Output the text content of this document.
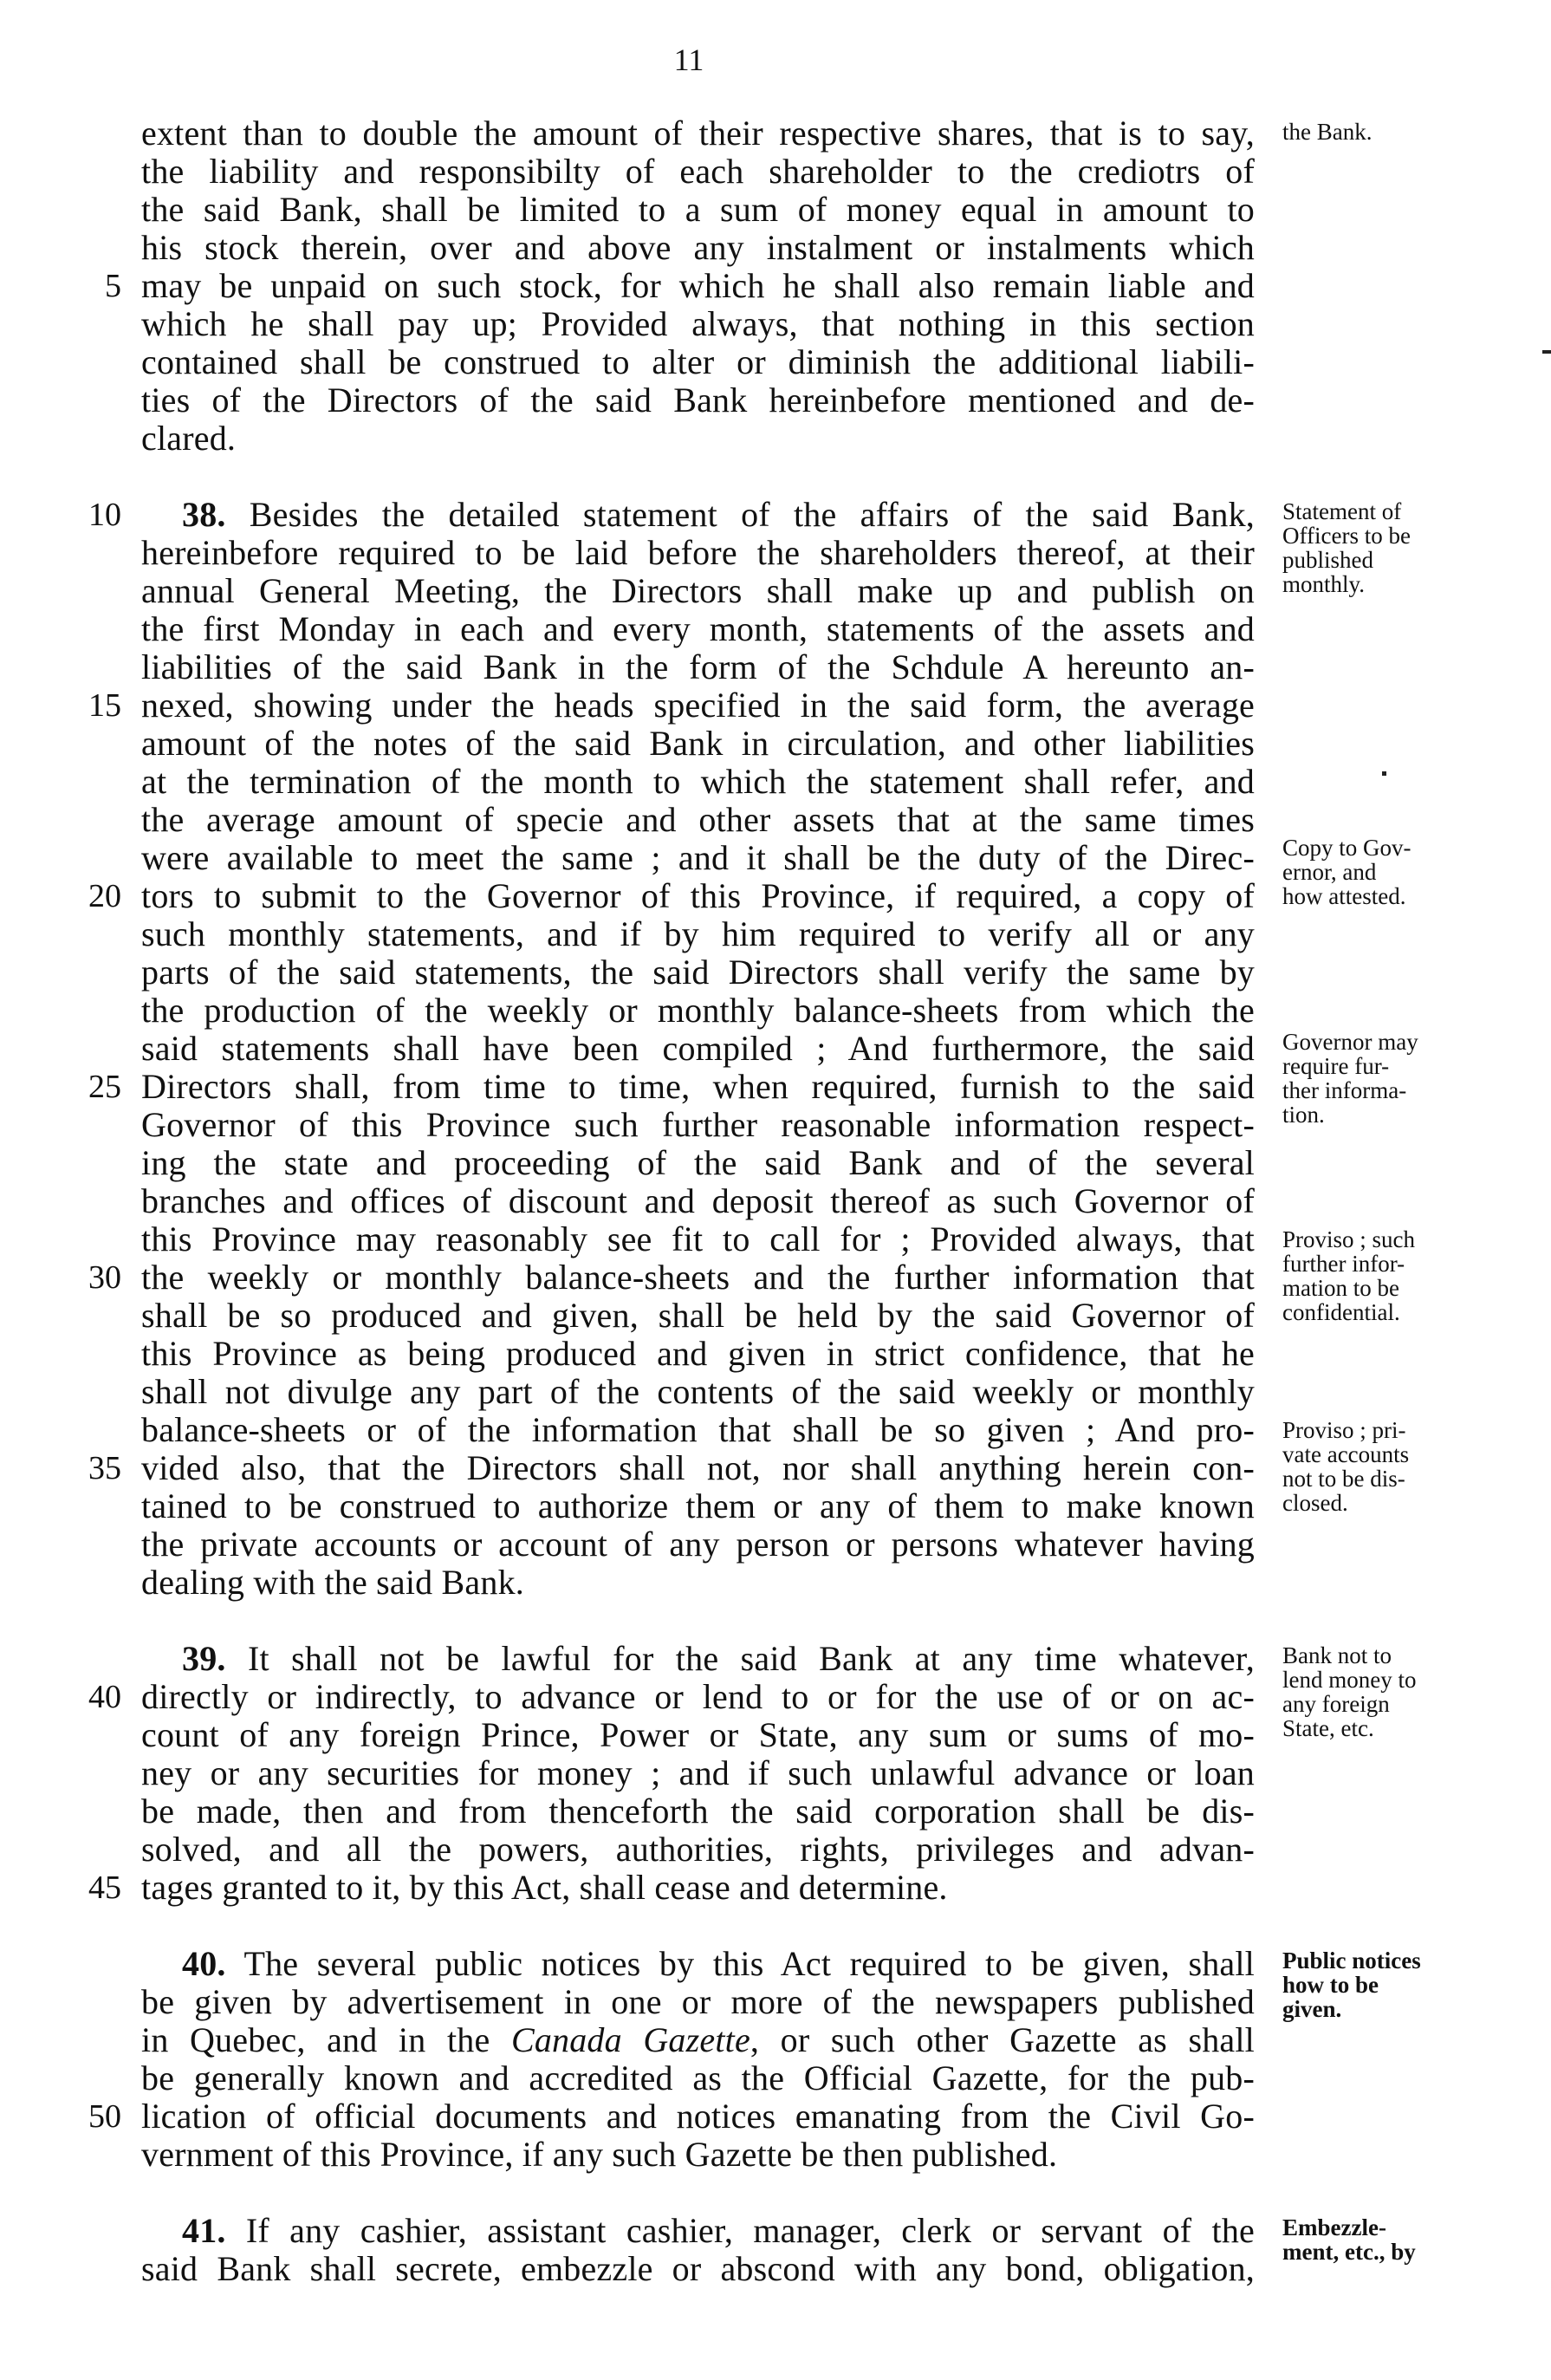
11
5
10
15
20
25
30
35
40
45
50
extent than to double the amount of their respective shares, that is to say,
the liability and responsibilty of each shareholder to the crediotrs of
the said Bank, shall be limited to a sum of money equal in amount to
his stock therein, over and above any instalment or instalments which
may be unpaid on such stock, for which he shall also remain liable and
which he shall pay up; Provided always, that nothing in this section
contained shall be construed to alter or diminish the additional liabili-
ties of the Directors of the said Bank hereinbefore mentioned and de-
clared.
the Bank.
38. Besides the detailed statement of the affairs of the said Bank,
hereinbefore required to be laid before the shareholders thereof, at their
annual General Meeting, the Directors shall make up and publish on
the first Monday in each and every month, statements of the assets and
liabilities of the said Bank in the form of the Schdule A hereunto an-
nexed, showing under the heads specified in the said form, the average
amount of the notes of the said Bank in circulation, and other liabilities
at the termination of the month to which the statement shall refer, and
the average amount of specie and other assets that at the same times
were available to meet the same ; and it shall be the duty of the Direc-
tors to submit to the Governor of this Province, if required, a copy of
such monthly statements, and if by him required to verify all or any
parts of the said statements, the said Directors shall verify the same by
the production of the weekly or monthly balance-sheets from which the
said statements shall have been compiled ; And furthermore, the said
Directors shall, from time to time, when required, furnish to the said
Governor of this Province such further reasonable information respect-
ing the state and proceeding of the said Bank and of the several
branches and offices of discount and deposit thereof as such Governor of
this Province may reasonably see fit to call for ; Provided always, that
the weekly or monthly balance-sheets and the further information that
shall be so produced and given, shall be held by the said Governor of
this Province as being produced and given in strict confidence, that he
shall not divulge any part of the contents of the said weekly or monthly
balance-sheets or of the information that shall be so given ; And pro-
vided also, that the Directors shall not, nor shall anything herein con-
tained to be construed to authorize them or any of them to make known
the private accounts or account of any person or persons whatever having
dealing with the said Bank.
Statement of
Officers to be
published
monthly.
Copy to Gov-
ernor, and
how attested.
Governor may
require fur-
ther informa-
tion.
Proviso ; such
further infor-
mation to be
confidential.
Proviso ; pri-
vate accounts
not to be dis-
closed.
39. It shall not be lawful for the said Bank at any time whatever,
directly or indirectly, to advance or lend to or for the use of or on ac-
count of any foreign Prince, Power or State, any sum or sums of mo-
ney or any securities for money ; and if such unlawful advance or loan
be made, then and from thenceforth the said corporation shall be dis-
solved, and all the powers, authorities, rights, privileges and advan-
tages granted to it, by this Act, shall cease and determine.
Bank not to
lend money to
any foreign
State, etc.
40. The several public notices by this Act required to be given, shall
be given by advertisement in one or more of the newspapers published
in Quebec, and in the Canada Gazette, or such other Gazette as shall
be generally known and accredited as the Official Gazette, for the pub-
lication of official documents and notices emanating from the Civil Go-
vernment of this Province, if any such Gazette be then published.
Public notices
how to be
given.
41. If any cashier, assistant cashier, manager, clerk or servant of the
said Bank shall secrete, embezzle or abscond with any bond, obligation,
Embezzle-
ment, etc., by
